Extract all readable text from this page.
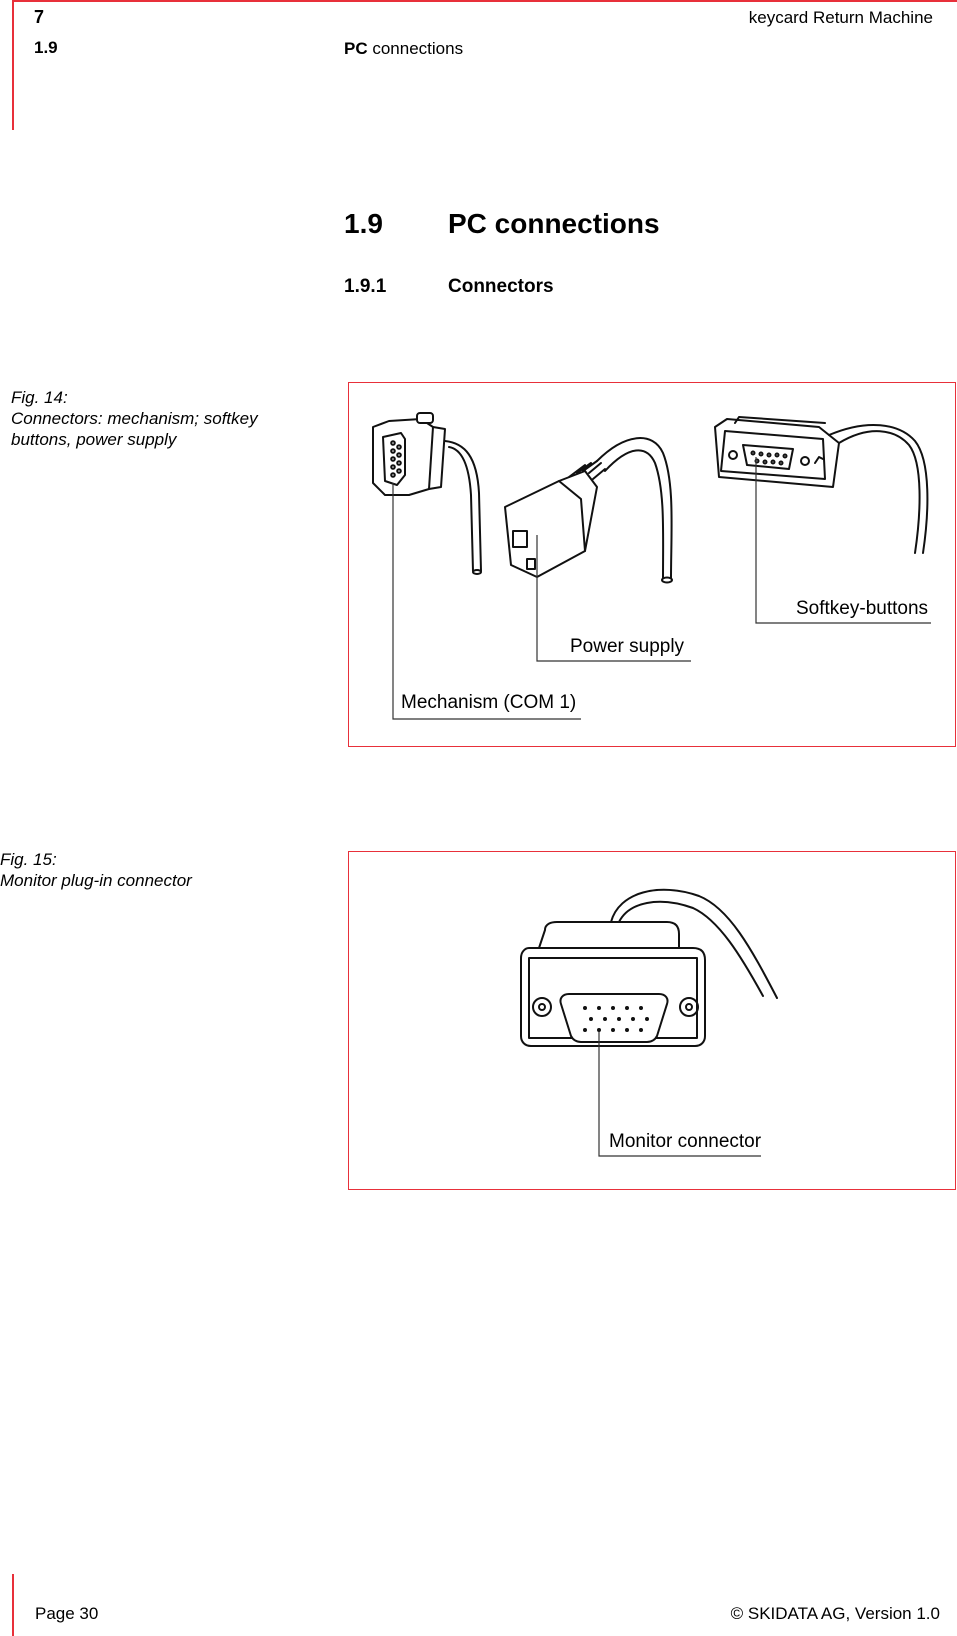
7	keycard Return Machine
1.9	PC connections
1.9 PC connections
1.9.1	Connectors
Fig. 14:
Connectors: mechanism; softkey buttons, power supply
Softkey-buttons
Power supply
Mechanism (COM 1)
Fig. 15:
Monitor plug-in connector
Monitor connector
Page 30	© SKIDATA AG, Version 1.0
